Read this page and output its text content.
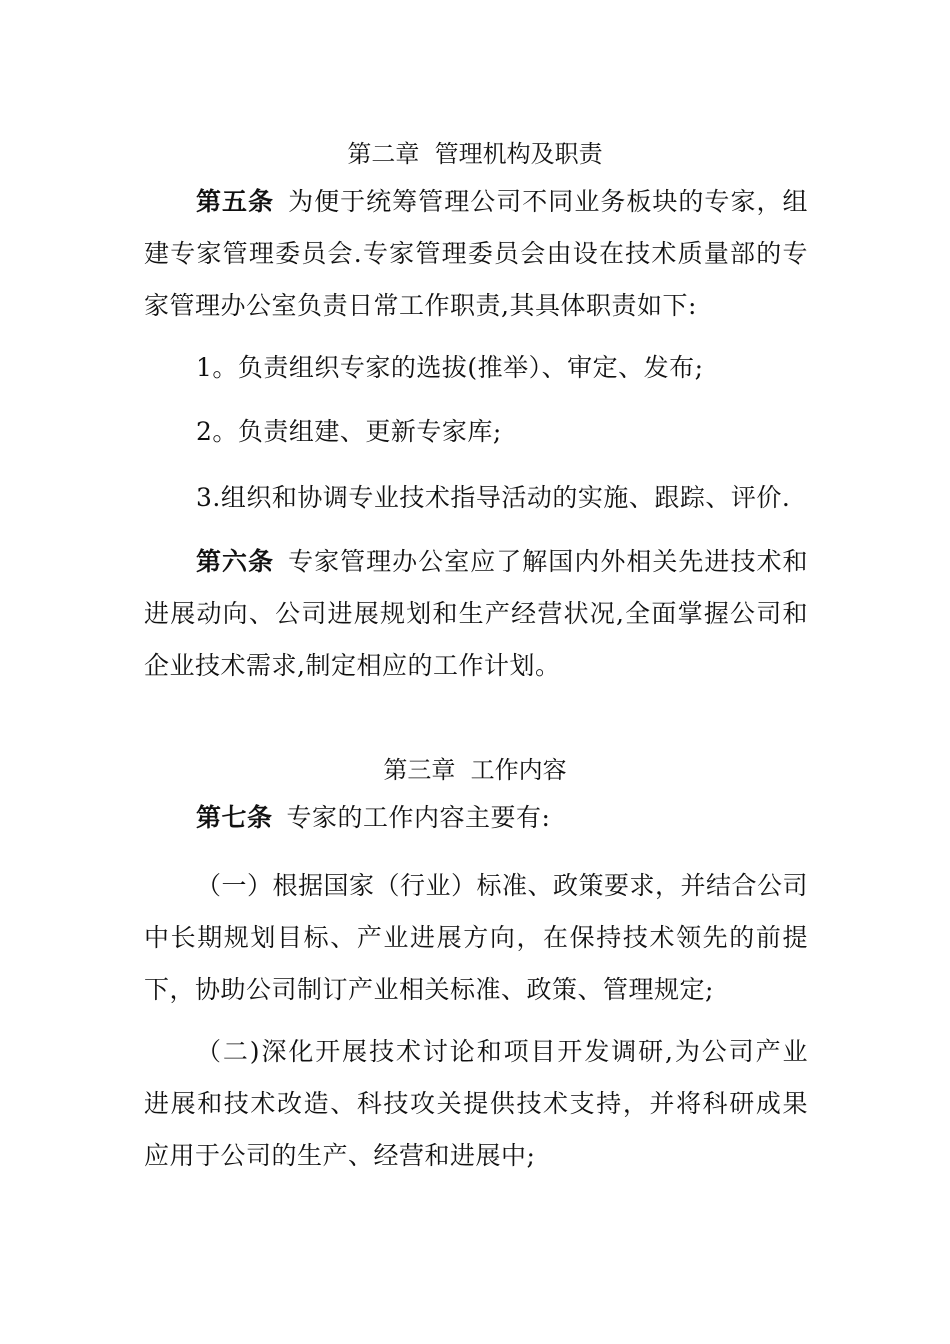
第二章  管理机构及职责
第五条 为便于统筹管理公司不同业务板块的专家，组
建专家管理委员会.专家管理委员会由设在技术质量部的专
家管理办公室负责日常工作职责,其具体职责如下:
1。负责组织专家的选拔(推举）、审定、发布;
2。负责组建、更新专家库;
3.组织和协调专业技术指导活动的实施、跟踪、评价.
第六条 专家管理办公室应了解国内外相关先进技术和
进展动向、公司进展规划和生产经营状况,全面掌握公司和
企业技术需求,制定相应的工作计划。
第三章  工作内容
第七条 专家的工作内容主要有:
（一）根据国家（行业）标准、政策要求，并结合公司
中长期规划目标、产业进展方向，在保持技术领先的前提
下，协助公司制订产业相关标准、政策、管理规定;
（二)深化开展技术讨论和项目开发调研,为公司产业
进展和技术改造、科技攻关提供技术支持，并将科研成果
应用于公司的生产、经营和进展中;
